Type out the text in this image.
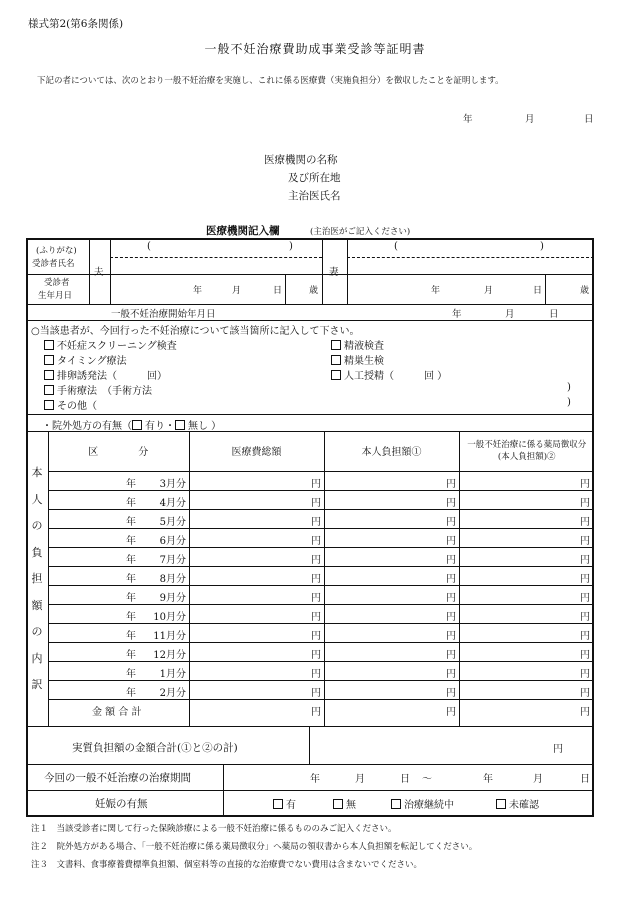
様式第2(第6条関係)
一般不妊治療費助成事業受診等証明書
下記の者については、次のとおり一般不妊治療を実施し、これに係る医療費（実施負担分）を徴収したことを証明します。
年	月	日
医療機関の名称
及び所在地
主治医氏名
医療機関記入欄	(主治医がご記入ください)
(ふりがな)
受診者氏名
夫	妻
(	)	(	)
受診者
生年月日	年	月	日	歳	年	月	日	歳
一般不妊治療開始年月日	年	月	日
○当該患者が、今回行った不妊治療について該当箇所に記入して下さい。
不妊症スクリーニング検査
タイミング療法
排卵誘発法（　　　回）
手術療法　（手術方法
その他（
)
)
精液検査
精巣生検
人工授精（　　　回 ）
・院外処方の有無（ 有り・ 無し ）
本
人
の
負
担
額
の
内
訳
区　　　　分	医療費総額	本人負担額①	一般不妊治療に係る薬局徴収分(本人負担額)②
年 3月分	円	円	円
年 4月分	円	円	円
年 5月分	円	円	円
年 6月分	円	円	円
年 7月分	円	円	円
年 8月分	円	円	円
年 9月分	円	円	円
年 10月分	円	円	円
年 11月分	円	円	円
年 12月分	円	円	円
年 1月分	円	円	円
年 2月分	円	円	円
金 額 合 計	円	円	円
実質負担額の金額合計(①と②の計)	円
今回の一般不妊治療の治療期間	年	月	日 〜	年	月	日
妊娠の有無	有	無	治療継続中	未確認
注１　当該受診者に関して行った保険診療による一般不妊治療に係るもののみご記入ください。
注２　院外処方がある場合、「一般不妊治療に係る薬局徴収分」へ薬局の領収書から本人負担額を転記してください。
注３　文書料、食事療養費標準負担額、個室料等の直接的な治療費でない費用は含まないでください。
